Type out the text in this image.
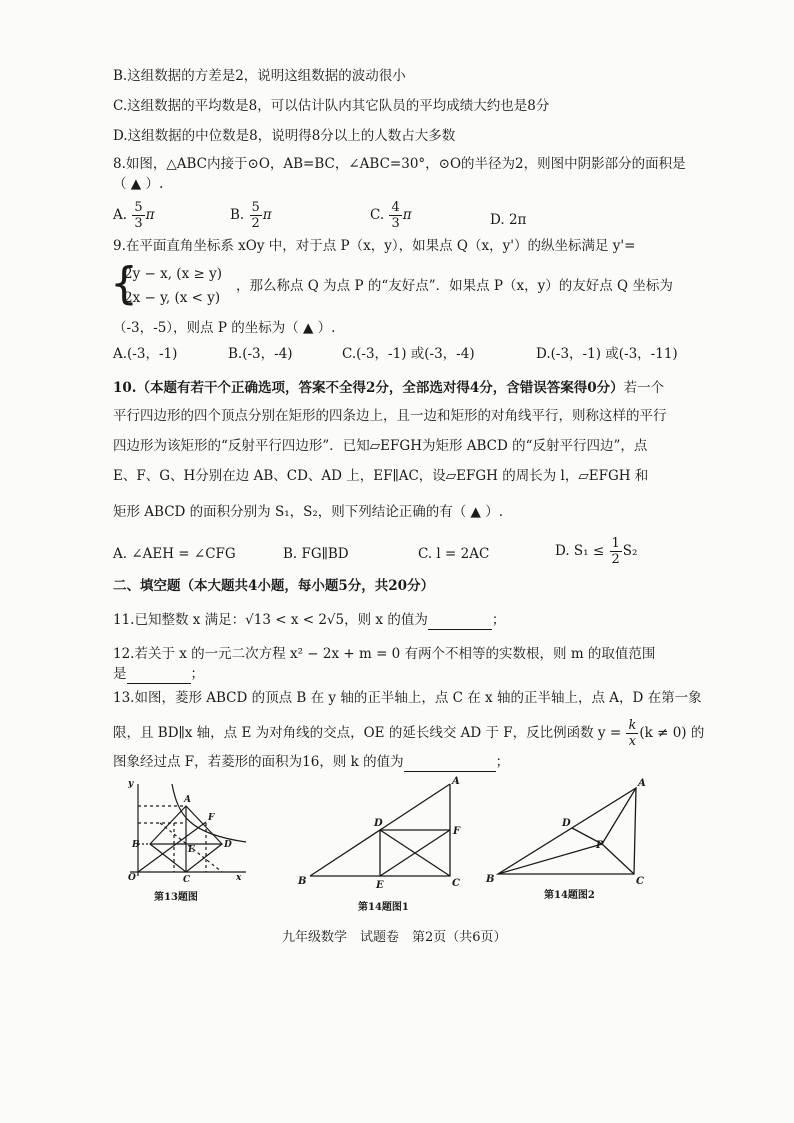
B.这组数据的方差是2，说明这组数据的波动很小
C.这组数据的平均数是8，可以估计队内其它队员的平均成绩大约也是8分
D.这组数据的中位数是8，说明得8分以上的人数占大多数
8.如图，△ABC内接于⊙O，AB=BC，∠ABC=30°，⊙O的半径为2，则图中阴影部分的面积是
（ ▲ ）.
A. $\frac{5}{3}$ π	B. $\frac{5}{2}$ π	C. $\frac{4}{3}$ π	D. 2π
9.在平面直角坐标系 xOy 中，对于点 P（x，y），如果点 Q（x，y'）的纵坐标满足 y'=
{
2y − x, (x ≥ y)
2x − y, (x < y)
，那么称点 Q 为点 P 的“友好点”．如果点 P（x，y）的友好点 Q 坐标为
（-3，-5），则点 P 的坐标为（ ▲ ）.
A.(-3，-1)	B.(-3，-4)	C.(-3，-1) 或(-3，-4)	D.(-3，-1) 或(-3，-11)
10.（本题有若干个正确选项，答案不全得2分，全部选对得4分，含错误答案得0分）若一个
平行四边形的四个顶点分别在矩形的四条边上，且一边和矩形的对角线平行，则称这样的平行
四边形为该矩形的“反射平行四边形”．已知▱EFGH为矩形 ABCD 的“反射平行四边”，点
E、F、G、H分别在边 AB、CD、AD 上，EF∥AC，设▱EFGH 的周长为 l，▱EFGH 和
矩形 ABCD 的面积分别为 S₁，S₂，则下列结论正确的有（ ▲ ）.
A. ∠AEH = ∠CFG	B. FG∥BD	C. l = 2AC	D. $S_1 \le \frac{1}{2} S_2$
二、填空题（本大题共4小题，每小题5分，共20分）
11.已知整数 x 满足：√13 < x < 2√5，则 x 的值为	；
12.若关于 x 的一元二次方程 x² − 2x + m = 0 有两个不相等的实数根，则 m 的取值范围
是	；
13.如图，菱形 ABCD 的顶点 B 在 y 轴的正半轴上，点 C 在 x 轴的正半轴上，点 A，D 在第一象
限，且 BD∥x 轴，点 E 为对角线的交点，OE 的延长线交 AD 于 F，反比例函数 $y = \frac{k}{x} (k \ne 0)$ 的
图象经过点 F，若菱形的面积为16，则 k 的值为	；
y
A
F
B	E	D
O	C	x
第13题图
A
D
F
B	E	C
第14题图1
A
D
P
B	C
第14题图2
九年级数学　试题卷　第2页（共6页）
